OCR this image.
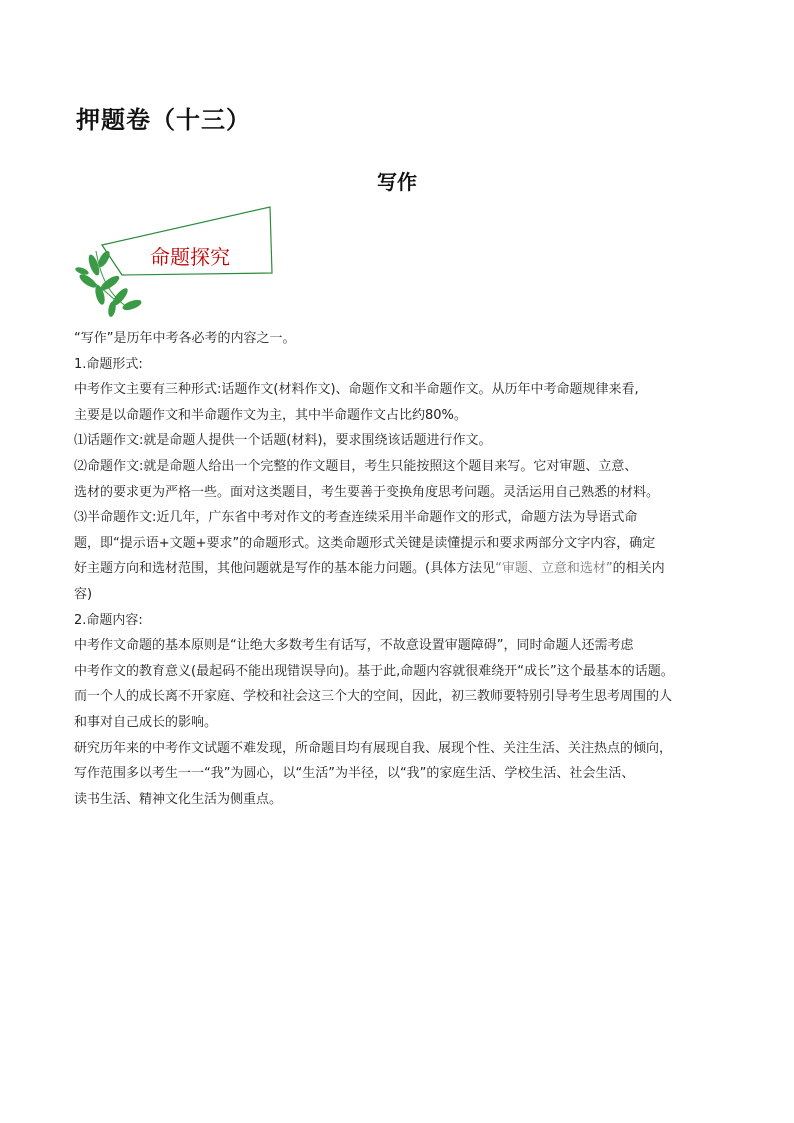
押题卷（十三）
写作
命题探究

“写作”是历年中考各必考的内容之一。

1.命题形式:

中考作文主要有三种形式:话题作文(材料作文)、命题作文和半命题作文。从历年中考命题规律来看,

主要是以命题作文和半命题作文为主，其中半命题作文占比约80%。

⑴话题作文:就是命题人提供一个话题(材料)，要求围绕该话题进行作文。

⑵命题作文:就是命题人给出一个完整的作文题目，考生只能按照这个题目来写。它对审题、立意、

选材的要求更为严格一些。面对这类题目，考生要善于变换角度思考问题。灵活运用自己熟悉的材料。

⑶半命题作文:近几年，广东省中考对作文的考查连续采用半命题作文的形式，命题方法为导语式命

题，即“提示语+文题+要求”的命题形式。这类命题形式关键是读懂提示和要求两部分文字内容，确定

好主题方向和选材范围，其他问题就是写作的基本能力问题。(具体方法见“审题、立意和选材”的相关内

容)

2.命题内容:

中考作文命题的基本原则是“让绝大多数考生有话写，不故意设置审题障碍”，同时命题人还需考虑

中考作文的教育意义(最起码不能出现错误导向)。基于此,命题内容就很难绕开“成长”这个最基本的话题。

而一个人的成长离不开家庭、学校和社会这三个大的空间，因此，初三教师要特别引导考生思考周围的人

和事对自己成长的影响。

研究历年来的中考作文试题不难发现，所命题目均有展现自我、展现个性、关注生活、关注热点的倾向，

写作范围多以考生一一“我”为圆心，以“生活”为半径，以“我”的家庭生活、学校生活、社会生活、

读书生活、精神文化生活为侧重点。
